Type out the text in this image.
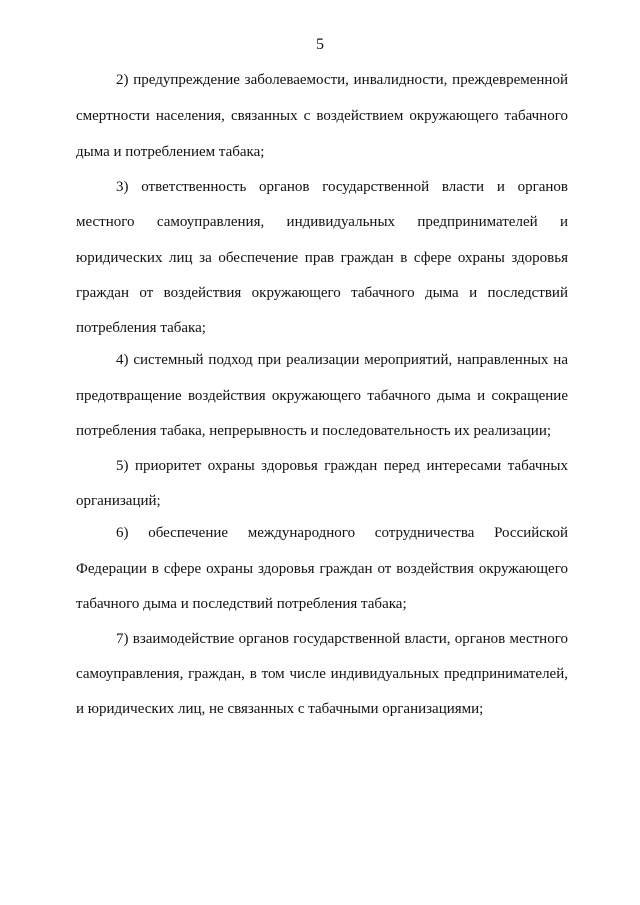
5
2) предупреждение заболеваемости, инвалидности, преждевременной
смертности населения, связанных с воздействием окружающего табачного
дыма и потреблением табака;
3) ответственность органов государственной власти и органов
местного самоуправления, индивидуальных предпринимателей и
юридических лиц за обеспечение прав граждан в сфере охраны здоровья
граждан от воздействия окружающего табачного дыма и последствий
потребления табака;
4) системный подход при реализации мероприятий, направленных на
предотвращение воздействия окружающего табачного дыма и сокращение
потребления табака, непрерывность и последовательность их реализации;
5) приоритет охраны здоровья граждан перед интересами табачных
организаций;
6) обеспечение международного сотрудничества Российской
Федерации в сфере охраны здоровья граждан от воздействия окружающего
табачного дыма и последствий потребления табака;
7) взаимодействие органов государственной власти, органов местного
самоуправления, граждан, в том числе индивидуальных предпринимателей,
и юридических лиц, не связанных с табачными организациями;
